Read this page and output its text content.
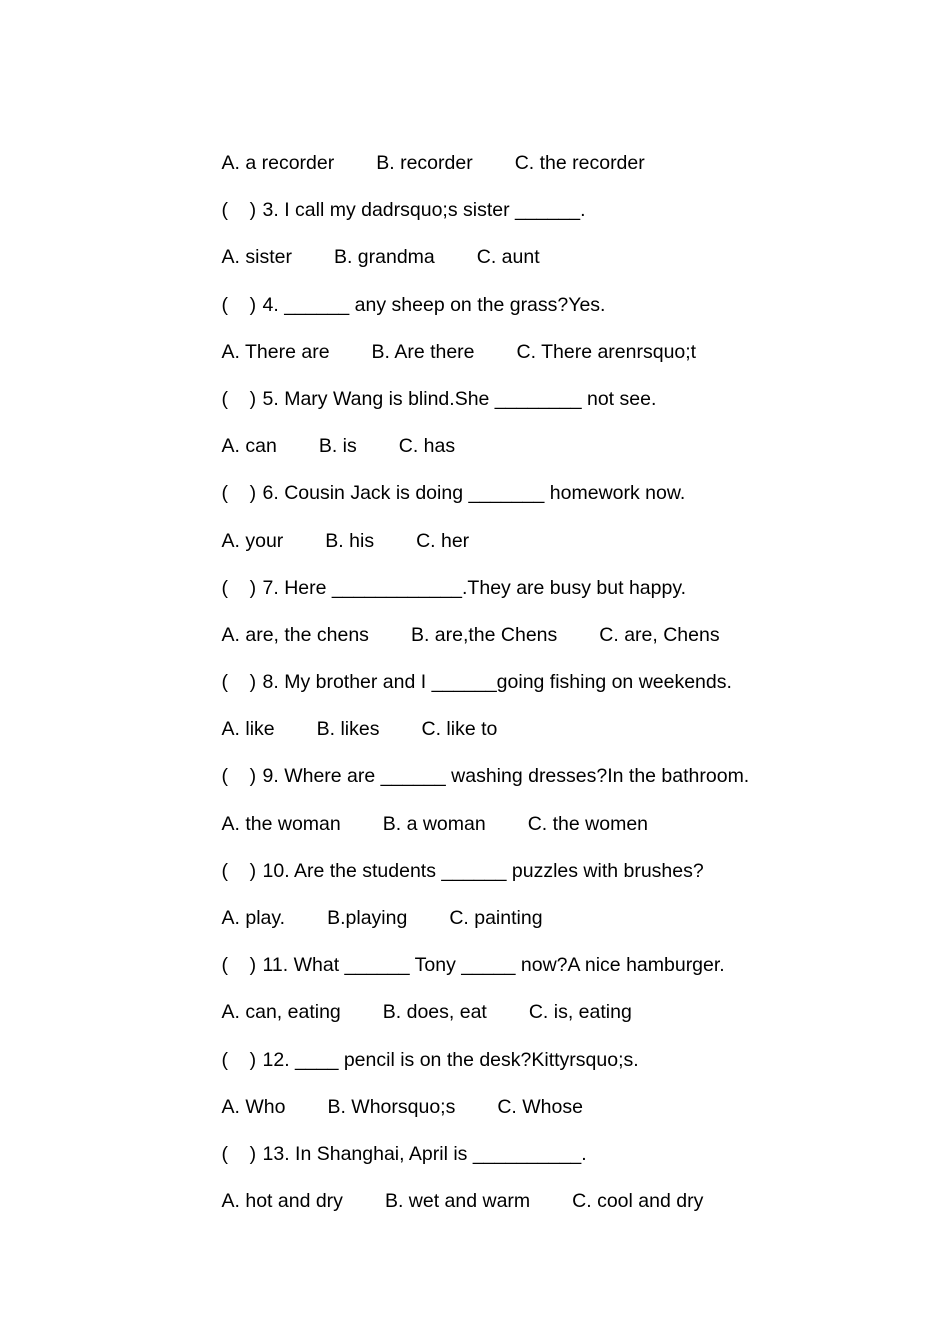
A. a recorder B. recorder C. the recorder

(    ) 3. I call my dadrsquo;s sister ______.

A. sister B. grandma C. aunt

(    ) 4. ______ any sheep on the grass?Yes.

A. There are B. Are there C. There arenrsquo;t

(    ) 5. Mary Wang is blind.She ________ not see.

A. can B. is C. has

(    ) 6. Cousin Jack is doing _______ homework now.

A. your B. his C. her

(    ) 7. Here ____________.They are busy but happy.

A. are, the chens B. are,the Chens C. are, Chens

(    ) 8. My brother and I ______going fishing on weekends.

A. like B. likes C. like to

(    ) 9. Where are ______ washing dresses?In the bathroom.

A. the woman B. a woman C. the women

(    ) 10. Are the students ______ puzzles with brushes?

A. play. B.playing C. painting

(    ) 11. What ______ Tony _____ now?A nice hamburger.

A. can, eating B. does, eat C. is, eating

(    ) 12. ____ pencil is on the desk?Kittyrsquo;s.

A. Who B. Whorsquo;s C. Whose

(    ) 13. In Shanghai, April is __________.

A. hot and dry B. wet and warm C. cool and dry
